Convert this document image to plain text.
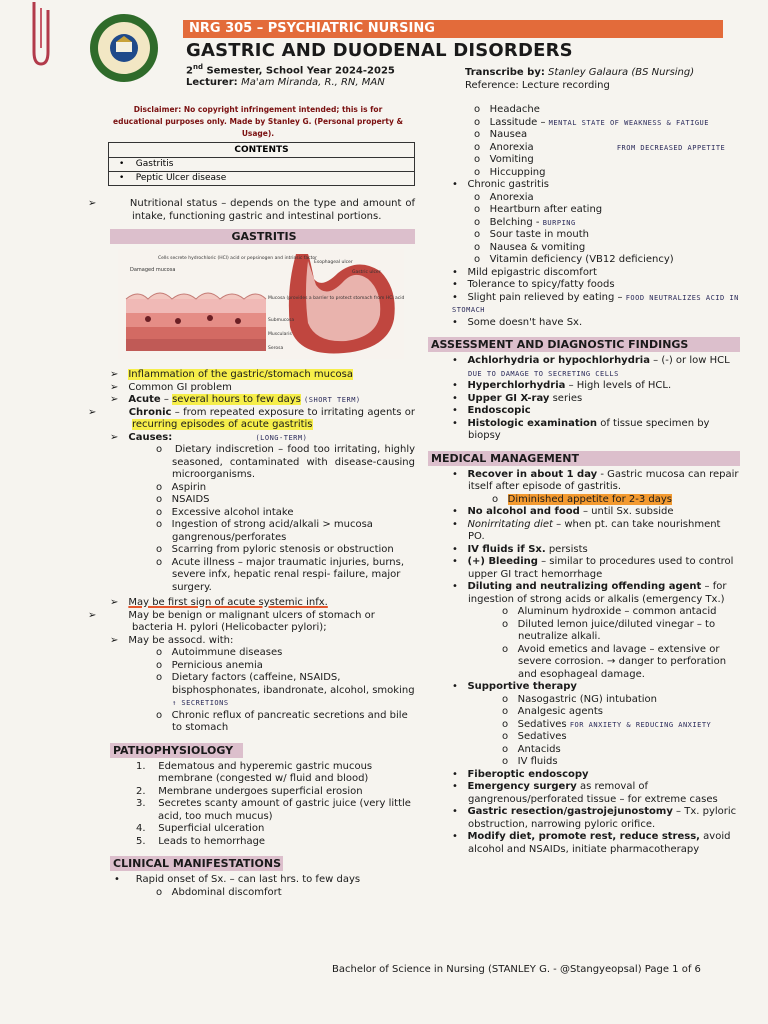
NRG 305 – PSYCHIATRIC NURSING
GASTRIC AND DUODENAL DISORDERS
2nd Semester, School Year 2024-2025
Lecturer: Ma'am Miranda, R., RN, MAN
Transcribe by: Stanley Galaura (BS Nursing)
Reference: Lecture recording
Disclaimer: No copyright infringement intended; this is for educational purposes only. Made by Stanley G. (Personal property & Usage).
CONTENTS
•    Gastritis
•    Peptic Ulcer disease
➢	Nutritional status – depends on the type and amount of intake, functioning gastric and intestinal portions.
GASTRITIS
Damaged mucosa
Cells secrete hydrochloric (HCl) acid or pepsinogen and intrinsic factor
Mucosa (provides a barrier to protect stomach from HCl acid)
Submucosa
Muscularis
Serosa
Esophageal ulcer
Gastric ulcer
➢ Inflammation of the gastric/stomach mucosa
➢ Common GI problem
➢ Acute – several hours to few days (SHORT TERM)
➢	Chronic – from repeated exposure to irritating agents or recurring episodes of acute gastritis
➢ Causes:	(LONG-TERM)
o   Dietary indiscretion – food too irritating, highly seasoned, contaminated with disease-causing microorganisms.
o   Aspirin
o   NSAIDS
o   Excessive alcohol intake
o   Ingestion of strong acid/alkali > mucosa gangrenous/perforates
o   Scarring from pyloric stenosis or obstruction
o   Acute illness – major traumatic injuries, burns, severe infx, hepatic renal respi- failure, major surgery.
➢ May be first sign of acute systemic infx.
➢	May be benign or malignant ulcers of stomach or bacteria H. pylori (Helicobacter pylori);
➢ May be assocd. with:
o   Autoimmune diseases
o   Pernicious anemia
o   Dietary factors (caffeine, NSAIDS, bisphosphonates, ibandronate, alcohol, smoking ↑ SECRETIONS
o   Chronic reflux of pancreatic secretions and bile to stomach
PATHOPHYSIOLOGY
1.    Edematous and hyperemic gastric mucous membrane (congested w/ fluid and blood)
2.    Membrane undergoes superficial erosion
3.    Secretes scanty amount of gastric juice (very little acid, too much mucus)
4.    Superficial ulceration
5.    Leads to hemorrhage
CLINICAL MANIFESTATIONS
•     Rapid onset of Sx. – can last hrs. to few days
o   Abdominal discomfort
o   Headache
o   Lassitude – MENTAL STATE OF WEAKNESS & FATIGUE
o   Nausea
o   Anorexia	FROM DECREASED APPETITE
o   Vomiting
o   Hiccupping
•   Chronic gastritis
o   Anorexia
o   Heartburn after eating
o   Belching - BURPING
o   Sour taste in mouth
o   Nausea & vomiting
o   Vitamin deficiency (VB12 deficiency)
•   Mild epigastric discomfort
•   Tolerance to spicy/fatty foods
•   Slight pain relieved by eating – FOOD NEUTRALIZES ACID IN STOMACH
•   Some doesn't have Sx.
ASSESSMENT AND DIAGNOSTIC FINDINGS
•   Achlorhydria or hypochlorhydria – (-) or low HCL DUE TO DAMAGE TO SECRETING CELLS
•   Hyperchlorhydria – High levels of HCL.
•   Upper GI X-ray series
•   Endoscopic
•   Histologic examination of tissue specimen by biopsy
MEDICAL MANAGEMENT
•   Recover in about 1 day - Gastric mucosa can repair itself after episode of gastritis.
o   Diminished appetite for 2-3 days
•   No alcohol and food – until Sx. subside
•   Nonirritating diet – when pt. can take nourishment PO.
•   IV fluids if Sx. persists
•   (+) Bleeding – similar to procedures used to control upper GI tract hemorrhage
•   Diluting and neutralizing offending agent – for ingestion of strong acids or alkalis (emergency Tx.)
o   Aluminum hydroxide – common antacid
o   Diluted lemon juice/diluted vinegar – to neutralize alkali.
o   Avoid emetics and lavage – extensive or severe corrosion. → danger to perforation and esophageal damage.
•   Supportive therapy
o   Nasogastric (NG) intubation
o   Analgesic agents
o   Sedatives FOR ANXIETY & REDUCING ANXIETY
o   Sedatives
o   Antacids
o   IV fluids
•   Fiberoptic endoscopy
•   Emergency surgery as removal of gangrenous/perforated tissue – for extreme cases
•   Gastric resection/gastrojejunostomy – Tx. pyloric obstruction, narrowing pyloric orifice.
•   Modify diet, promote rest, reduce stress, avoid alcohol and NSAIDs, initiate pharmacotherapy
Bachelor of Science in Nursing (STANLEY G. - @Stangyeopsal) Page 1 of 6
